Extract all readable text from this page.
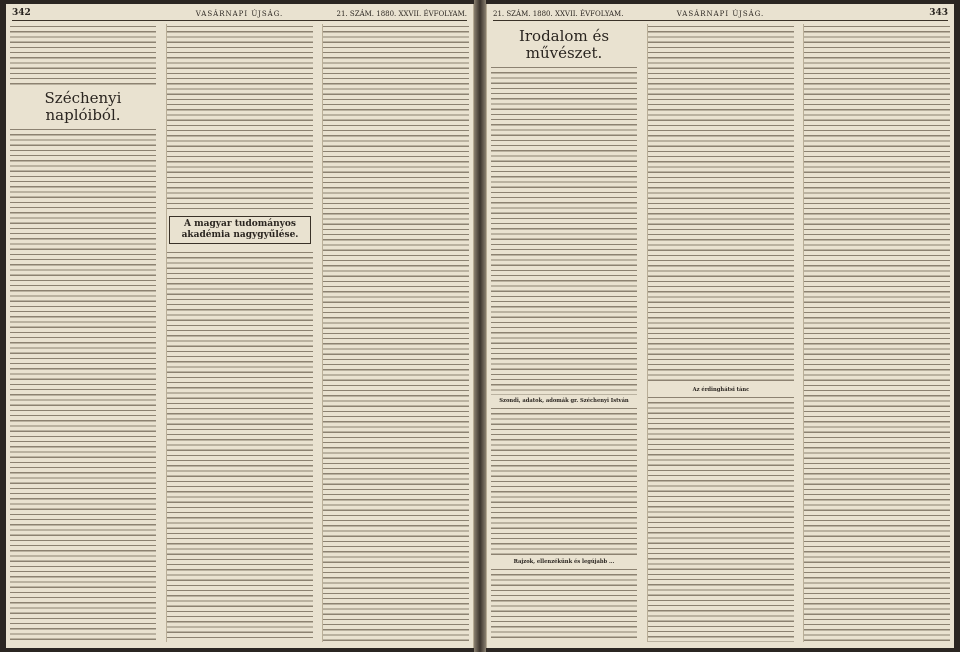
342	VASÁRNAPI ÚJSÁG.	21. SZÁM. 1880. XXVII. ÉVFOLYAM.
Széchenyi naplóiból.
A magyar tudományos akadémia nagygyűlése.
21. SZÁM. 1880. XXVII. ÉVFOLYAM.	VASÁRNAPI ÚJSÁG.	343
Irodalom és művészet.
Szondi, adatok, adomák gr. Széchenyi István
Rajzok, ellenzékünk és legújabb ...
Az érdinghátsi tánc
